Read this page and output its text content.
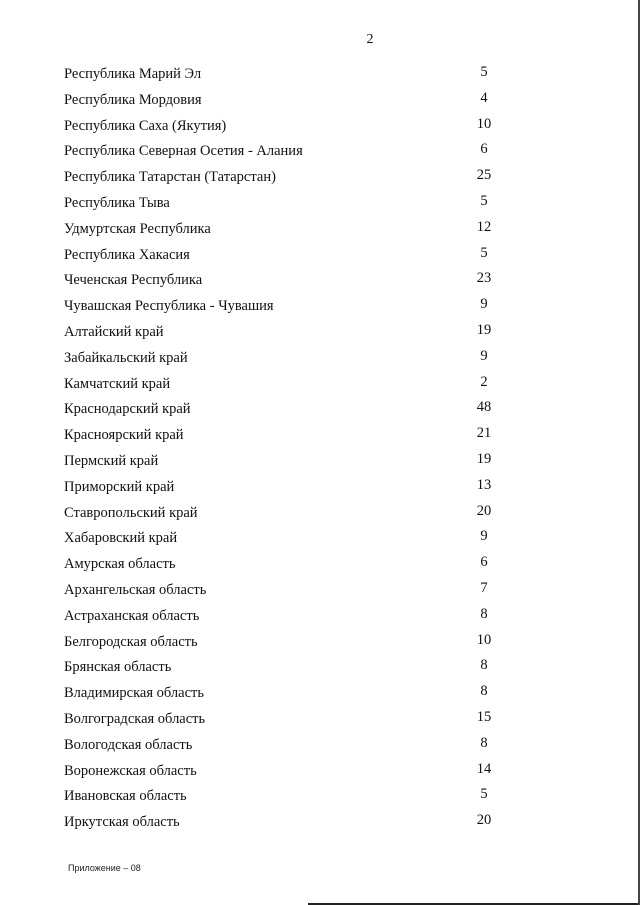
2
Республика Марий Эл	5
Республика Мордовия	4
Республика Саха (Якутия)	10
Республика Северная Осетия - Алания	6
Республика Татарстан (Татарстан)	25
Республика Тыва	5
Удмуртская Республика	12
Республика Хакасия	5
Чеченская Республика	23
Чувашская Республика - Чувашия	9
Алтайский край	19
Забайкальский край	9
Камчатский край	2
Краснодарский край	48
Красноярский край	21
Пермский край	19
Приморский край	13
Ставропольский край	20
Хабаровский край	9
Амурская область	6
Архангельская область	7
Астраханская область	8
Белгородская область	10
Брянская область	8
Владимирская область	8
Волгоградская область	15
Вологодская область	8
Воронежская область	14
Ивановская область	5
Иркутская область	20
Приложение – 08
